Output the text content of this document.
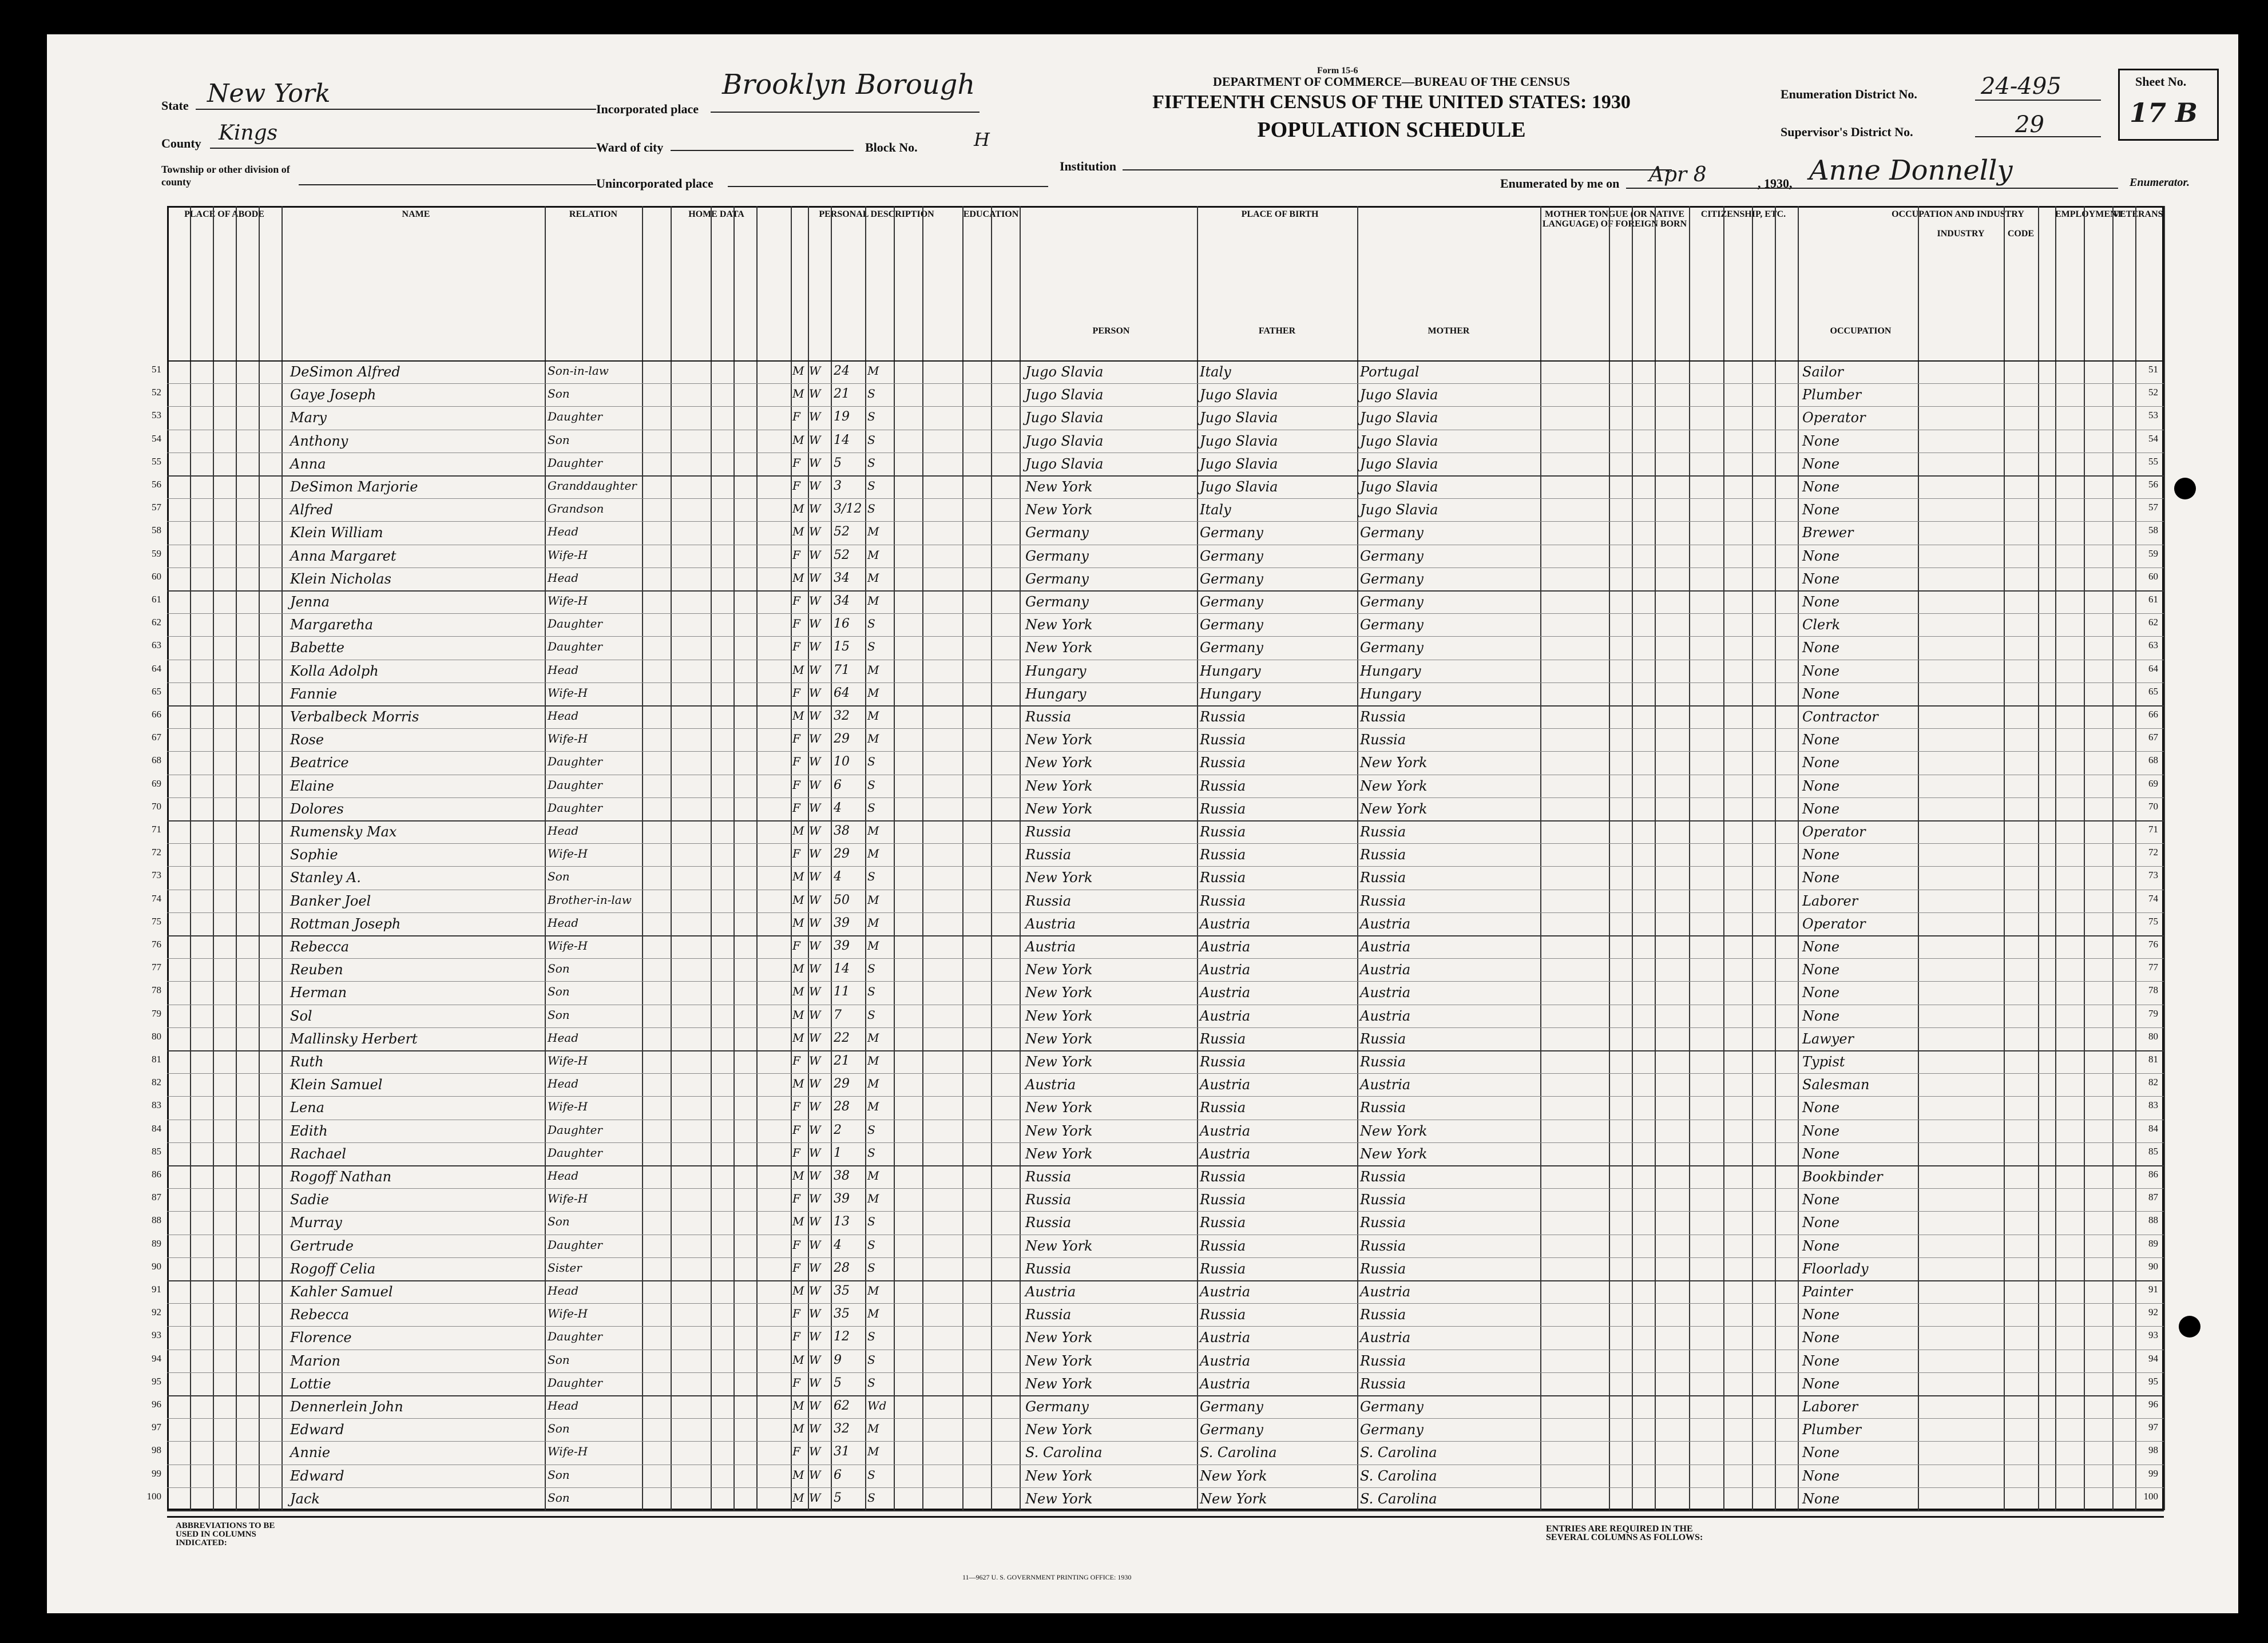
Form 15-6
DEPARTMENT OF COMMERCE—BUREAU OF THE CENSUS
FIFTEENTH CENSUS OF THE UNITED STATES: 1930
POPULATION SCHEDULE
State New York
County Kings
Township or other division of county
Incorporated place
Brooklyn Borough
Ward of city	Block No.	H
Unincorporated place
Institution
Enumeration District No.	24-495
Supervisor's District No.	29
Sheet No.
17 B
Enumerated by me on Apr 8	, 1930, Anne Donnelly	Enumerator.
PLACE OF ABODE	NAME	RELATION	HOME DATA	PERSONAL DESCRIPTION	EDUCATION	PLACE OF BIRTH	MOTHER TONGUE (OR NATIVE LANGUAGE) OF FOREIGN BORN
CITIZENSHIP, ETC.	OCCUPATION AND INDUSTRY	EMPLOYMENT
VETERANS
PERSON	FATHER	MOTHER	OCCUPATION
INDUSTRY	CODE
51	DeSimon Alfred	Son-in-law	M W	24	M	Jugo Slavia	Italy	Portugal	Sailor	51
52	Gaye Joseph	Son	M W	21	S	Jugo Slavia	Jugo Slavia	Jugo Slavia	Plumber	52
53	Mary	Daughter	F W	19	S	Jugo Slavia	Jugo Slavia	Jugo Slavia	Operator	53
54	Anthony	Son	M W	14	S	Jugo Slavia	Jugo Slavia	Jugo Slavia	None	54
55	Anna	Daughter	F W	5	S	Jugo Slavia	Jugo Slavia	Jugo Slavia	None	55
56	DeSimon Marjorie	Granddaughter	F W	3	S	New York	Jugo Slavia	Jugo Slavia	None	56
57	Alfred	Grandson	M W	3/12 S	New York	Italy	Jugo Slavia	None	57
58	Klein William	Head	M W	52	M	Germany	Germany	Germany	Brewer	58
59	Anna Margaret	Wife-H	F W	52	M	Germany	Germany	Germany	None	59
60	Klein Nicholas	Head	M W	34	M	Germany	Germany	Germany	None	60
61	Jenna	Wife-H	F W	34	M	Germany	Germany	Germany	None	61
62	Margaretha	Daughter	F W	16	S	New York	Germany	Germany	Clerk	62
63	Babette	Daughter	F W	15	S	New York	Germany	Germany	None	63
64	Kolla Adolph	Head	M W	71	M	Hungary	Hungary	Hungary	None	64
65	Fannie	Wife-H	F W	64	M	Hungary	Hungary	Hungary	None	65
66	Verbalbeck Morris	Head	M W	32	M	Russia	Russia	Russia	Contractor	66
67	Rose	Wife-H	F W	29	M	New York	Russia	Russia	None	67
68	Beatrice	Daughter	F W	10	S	New York	Russia	New York	None	68
69	Elaine	Daughter	F W	6	S	New York	Russia	New York	None	69
70	Dolores	Daughter	F W	4	S	New York	Russia	New York	None	70
71	Rumensky Max	Head	M W	38	M	Russia	Russia	Russia	Operator	71
72	Sophie	Wife-H	F W	29	M	Russia	Russia	Russia	None	72
73	Stanley A.	Son	M W	4	S	New York	Russia	Russia	None	73
74	Banker Joel	Brother-in-law	M W	50	M	Russia	Russia	Russia	Laborer	74
75	Rottman Joseph	Head	M W	39	M	Austria	Austria	Austria	Operator	75
76	Rebecca	Wife-H	F W	39	M	Austria	Austria	Austria	None	76
77	Reuben	Son	M W	14	S	New York	Austria	Austria	None	77
78	Herman	Son	M W	11	S	New York	Austria	Austria	None	78
79	Sol	Son	M W	7	S	New York	Austria	Austria	None	79
80	Mallinsky Herbert	Head	M W	22	M	New York	Russia	Russia	Lawyer	80
81	Ruth	Wife-H	F W	21	M	New York	Russia	Russia	Typist	81
82	Klein Samuel	Head	M W	29	M	Austria	Austria	Austria	Salesman	82
83	Lena	Wife-H	F W	28	M	New York	Russia	Russia	None	83
84	Edith	Daughter	F W	2	S	New York	Austria	New York	None	84
85	Rachael	Daughter	F W	1	S	New York	Austria	New York	None	85
86	Rogoff Nathan	Head	M W	38	M	Russia	Russia	Russia	Bookbinder	86
87	Sadie	Wife-H	F W	39	M	Russia	Russia	Russia	None	87
88	Murray	Son	M W	13	S	Russia	Russia	Russia	None	88
89	Gertrude	Daughter	F W	4	S	New York	Russia	Russia	None	89
90	Rogoff Celia	Sister	F W	28	S	Russia	Russia	Russia	Floorlady	90
91	Kahler Samuel	Head	M W	35	M	Austria	Austria	Austria	Painter	91
92	Rebecca	Wife-H	F W	35	M	Russia	Russia	Russia	None	92
93	Florence	Daughter	F W	12	S	New York	Austria	Austria	None	93
94	Marion	Son	M W	9	S	New York	Austria	Russia	None	94
95	Lottie	Daughter	F W	5	S	New York	Austria	Russia	None	95
96	Dennerlein John	Head	M W	62	Wd	Germany	Germany	Germany	Laborer	96
97	Edward	Son	M W	32	M	New York	Germany	Germany	Plumber	97
98	Annie	Wife-H	F W	31	M	S. Carolina	S. Carolina	S. Carolina	None	98
99	Edward	Son	M W	6	S	New York	New York	S. Carolina	None	99
100	Jack	Son	M W	5	S	New York	New York	S. Carolina	None	100
ABBREVIATIONS TO BE USED IN COLUMNS INDICATED:
ENTRIES ARE REQUIRED IN THE SEVERAL COLUMNS AS FOLLOWS:
11—9627 U. S. GOVERNMENT PRINTING OFFICE: 1930
